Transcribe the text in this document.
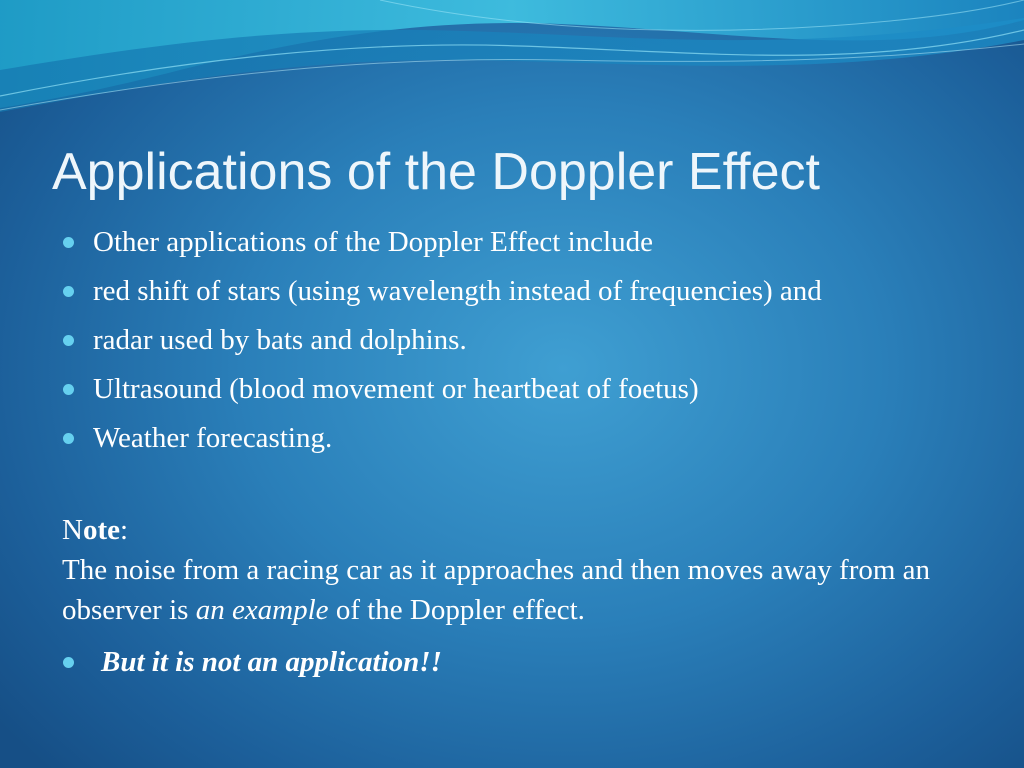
Applications of the Doppler Effect
Other applications of the Doppler Effect include
red shift of stars (using wavelength instead of frequencies) and
radar used by bats and dolphins.
Ultrasound (blood movement or heartbeat of foetus)
Weather forecasting.

Note:

The noise from a racing car as it approaches and then moves away from an observer is an example of the Doppler effect.

But it is not an application!!
